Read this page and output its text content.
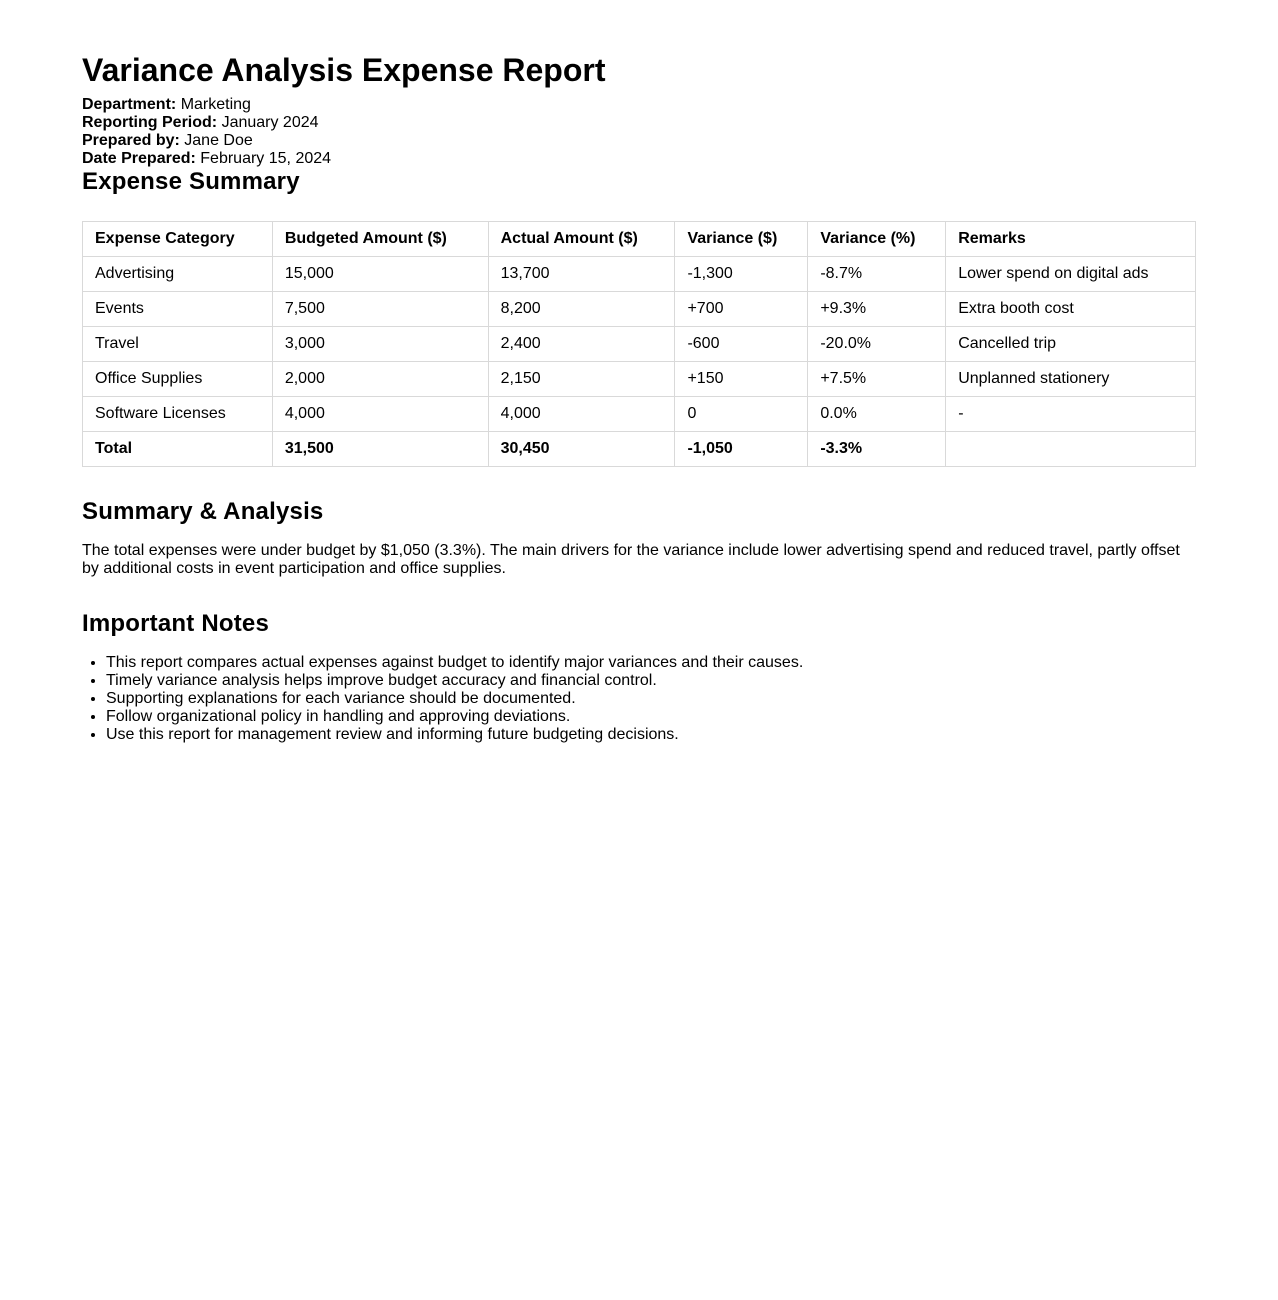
Variance Analysis Expense Report
Department: Marketing
Reporting Period: January 2024
Prepared by: Jane Doe
Date Prepared: February 15, 2024
Expense Summary
Expense Category	Budgeted Amount ($)	Actual Amount ($)	Variance ($)	Variance (%)	Remarks
Advertising	15,000	13,700	-1,300	-8.7%	Lower spend on digital ads
Events	7,500	8,200	+700	+9.3%	Extra booth cost
Travel	3,000	2,400	-600	-20.0%	Cancelled trip
Office Supplies	2,000	2,150	+150	+7.5%	Unplanned stationery
Software Licenses	4,000	4,000	0	0.0%	-
Total	31,500	30,450	-1,050	-3.3%	
Summary & Analysis

The total expenses were under budget by $1,050 (3.3%). The main drivers for the variance include lower advertising spend and reduced travel, partly offset by additional costs in event participation and office supplies.

Important Notes
• This report compares actual expenses against budget to identify major variances and their causes.
• Timely variance analysis helps improve budget accuracy and financial control.
• Supporting explanations for each variance should be documented.
• Follow organizational policy in handling and approving deviations.
• Use this report for management review and informing future budgeting decisions.
